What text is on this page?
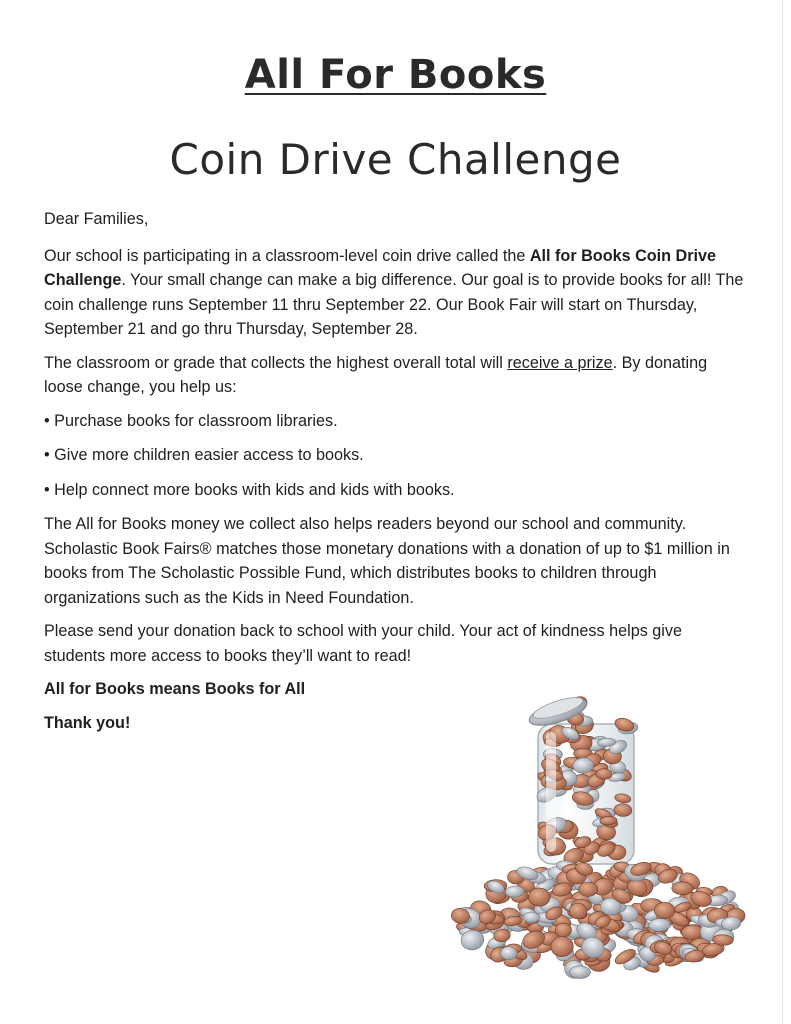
All For Books
Coin Drive Challenge

Dear Families,

Our school is participating in a classroom-level coin drive called the All for Books Coin Drive Challenge. Your small change can make a big difference. Our goal is to provide books for all! The coin challenge runs September 11 thru September 22. Our Book Fair will start on Thursday, September 21 and go thru Thursday, September 28.

The classroom or grade that collects the highest overall total will receive a prize. By donating loose change, you help us:

• Purchase books for classroom libraries.

• Give more children easier access to books.

• Help connect more books with kids and kids with books.

The All for Books money we collect also helps readers beyond our school and community. Scholastic Book Fairs® matches those monetary donations with a donation of up to $1 million in books from The Scholastic Possible Fund, which distributes books to children through organizations such as the Kids in Need Foundation.

Please send your donation back to school with your child. Your act of kindness helps give students more access to books they’ll want to read!

All for Books means Books for All

Thank you!
